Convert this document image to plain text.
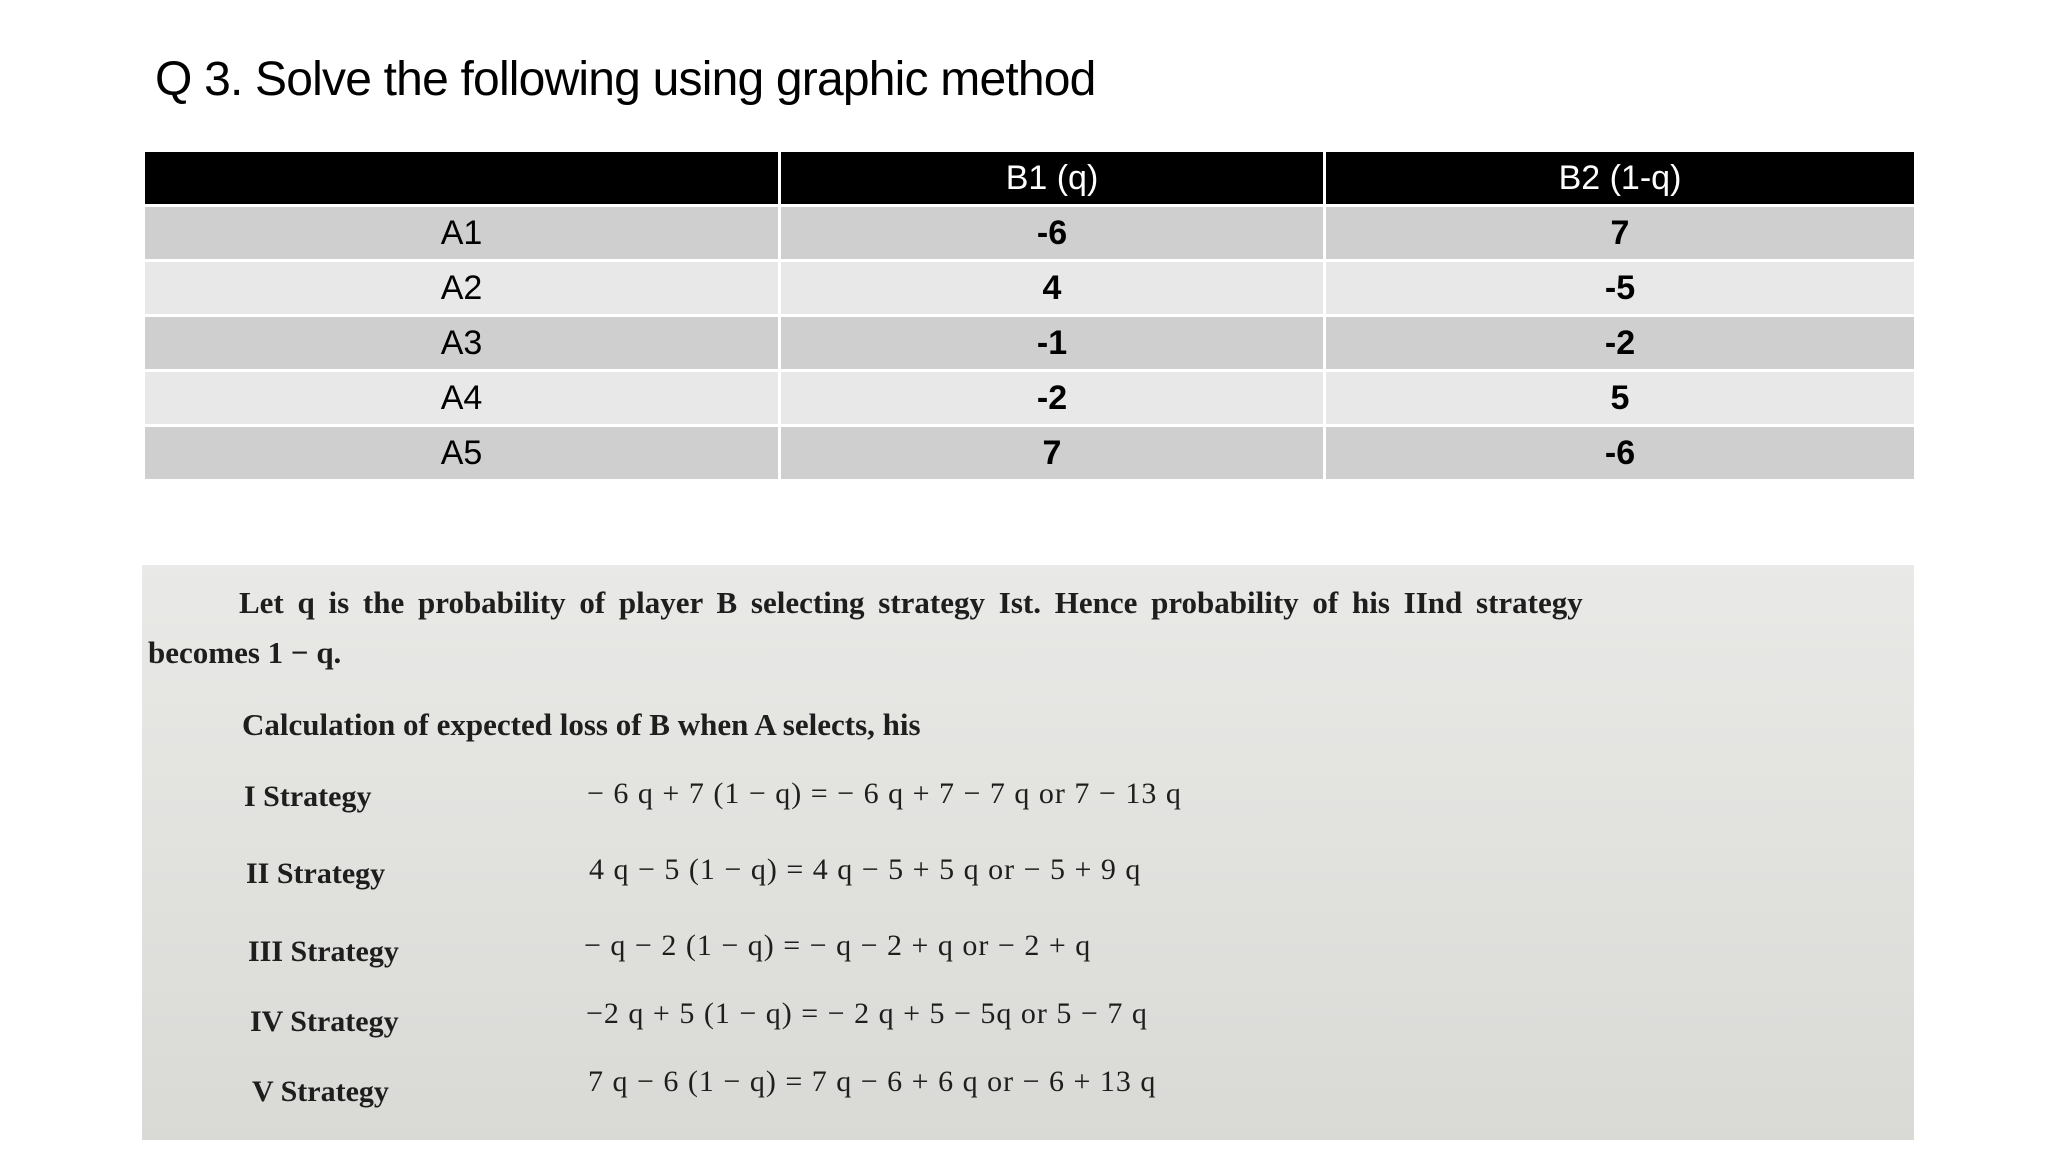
Q 3. Solve the following using graphic method
	B1 (q)	B2 (1-q)
A1	-6	7
A2	4	-5
A3	-1	-2
A4	-2	5
A5	7	-6
Let q is the probability of player B selecting strategy Ist. Hence probability of his IInd strategy
becomes 1 − q.
Calculation of expected loss of B when A selects, his
I Strategy	− 6 q + 7 (1 − q) = − 6 q + 7 − 7 q or 7 − 13 q
II Strategy	4 q − 5 (1 − q) = 4 q − 5 + 5 q or − 5 + 9 q
III Strategy	− q − 2 (1 − q) = − q − 2 + q or − 2 + q
IV Strategy	−2 q + 5 (1 − q) = − 2 q + 5 − 5q or 5 − 7 q
V Strategy	7 q − 6 (1 − q) = 7 q − 6 + 6 q or − 6 + 13 q
